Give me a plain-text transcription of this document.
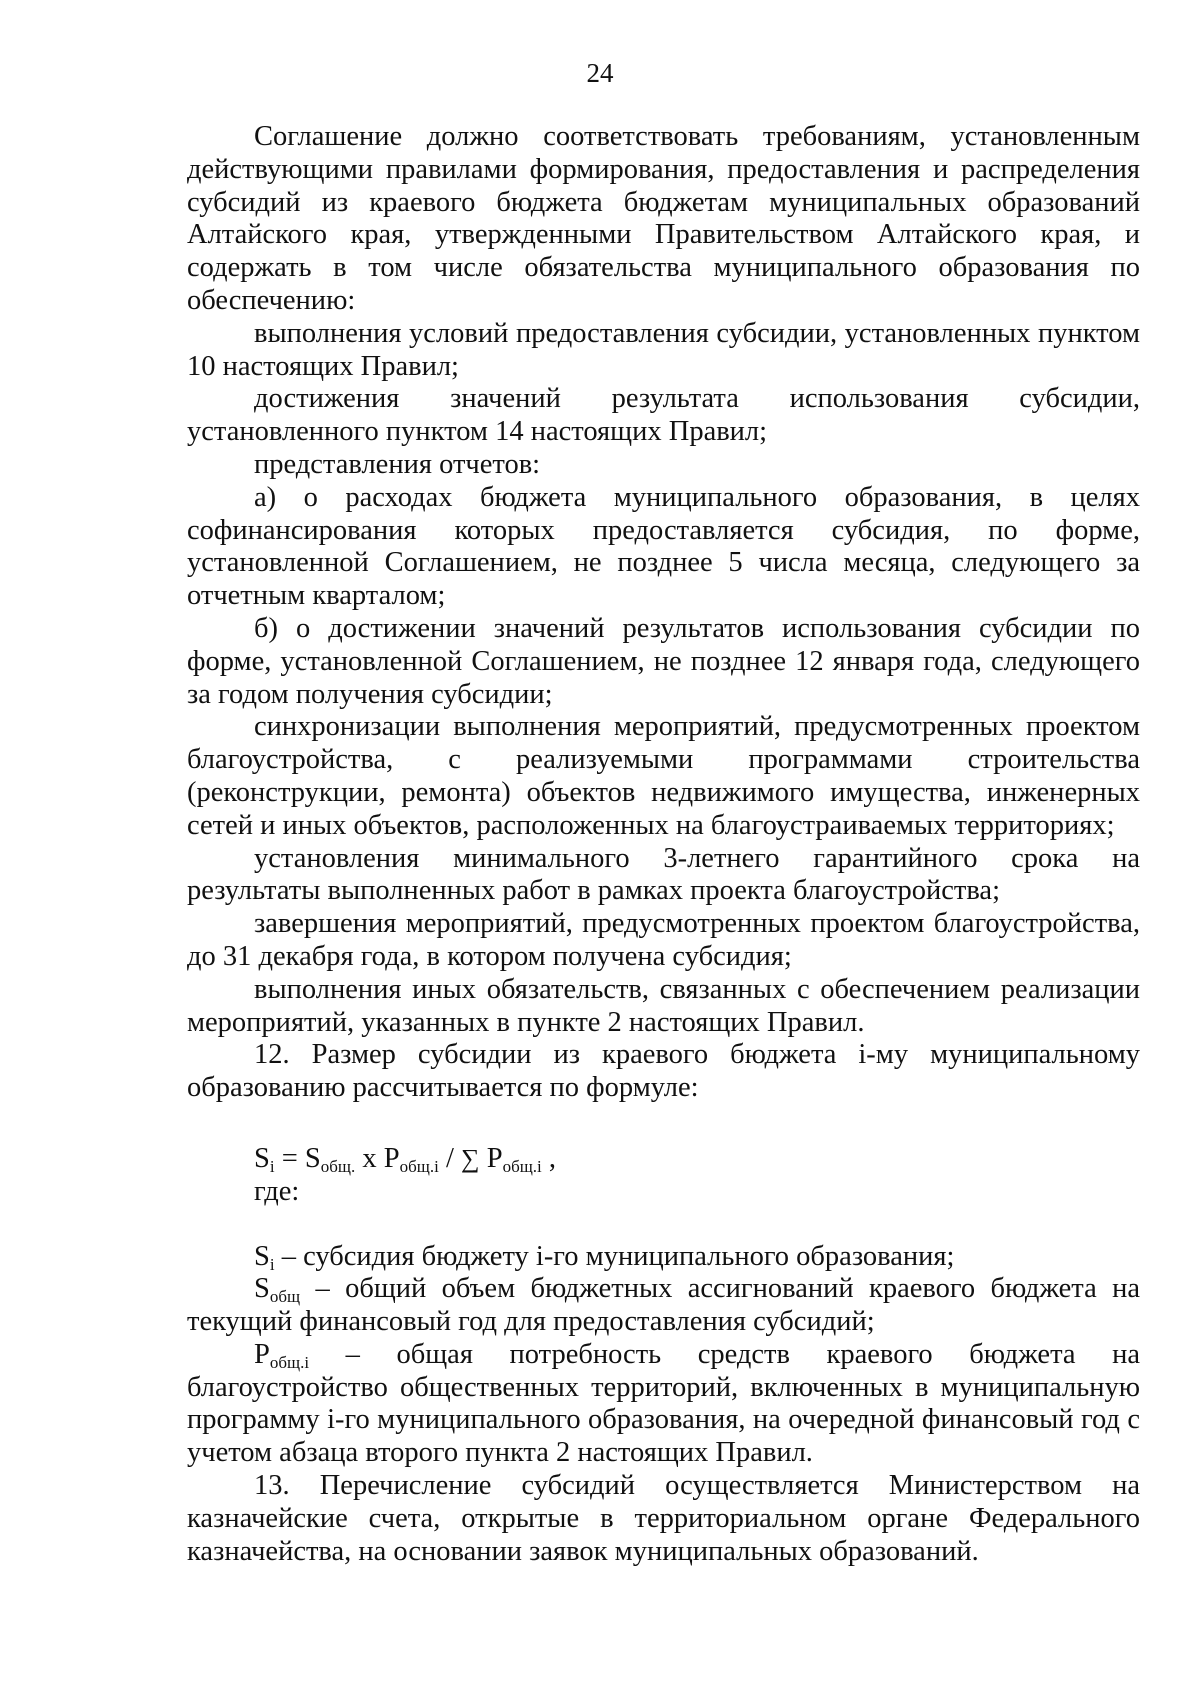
24

Соглашение должно соответствовать требованиям, установленным действующими правилами формирования, предоставления и распределения субсидий из краевого бюджета бюджетам муниципальных образований Алтайского края, утвержденными Правительством Алтайского края, и содержать в том числе обязательства муниципального образования по обеспечению:

выполнения условий предоставления субсидии, установленных пунктом 10 настоящих Правил;

достижения значений результата использования субсидии, установленного пунктом 14 настоящих Правил;

представления отчетов:

а) о расходах бюджета муниципального образования, в целях софинансирования которых предоставляется субсидия, по форме, установленной Соглашением, не позднее 5 числа месяца, следующего за отчетным кварталом;

б) о достижении значений результатов использования субсидии по форме, установленной Соглашением, не позднее 12 января года, следующего за годом получения субсидии;

синхронизации выполнения мероприятий, предусмотренных проектом благоустройства, с реализуемыми программами строительства (реконструкции, ремонта) объектов недвижимого имущества, инженерных сетей и иных объектов, расположенных на благоустраиваемых территориях;

установления минимального 3-летнего гарантийного срока на результаты выполненных работ в рамках проекта благоустройства;

завершения мероприятий, предусмотренных проектом благоустройства, до 31 декабря года, в котором получена субсидия;

выполнения иных обязательств, связанных с обеспечением реализации мероприятий, указанных в пункте 2 настоящих Правил.

12. Размер субсидии из краевого бюджета i-му муниципальному образованию рассчитывается по формуле:

$S_i = S_{общ.}$ x $P_{общ.i}$ / ∑ $P_{общ.i}$ ,
где:

$S_i$ – субсидия бюджету i-го муниципального образования;

$S_{общ}$ – общий объем бюджетных ассигнований краевого бюджета на текущий финансовый год для предоставления субсидий;

$P_{общ.i}$ – общая потребность средств краевого бюджета на благоустройство общественных территорий, включенных в муниципальную программу i-го муниципального образования, на очередной финансовый год с учетом абзаца второго пункта 2 настоящих Правил.

13. Перечисление субсидий осуществляется Министерством на казначейские счета, открытые в территориальном органе Федерального казначейства, на основании заявок муниципальных образований.
